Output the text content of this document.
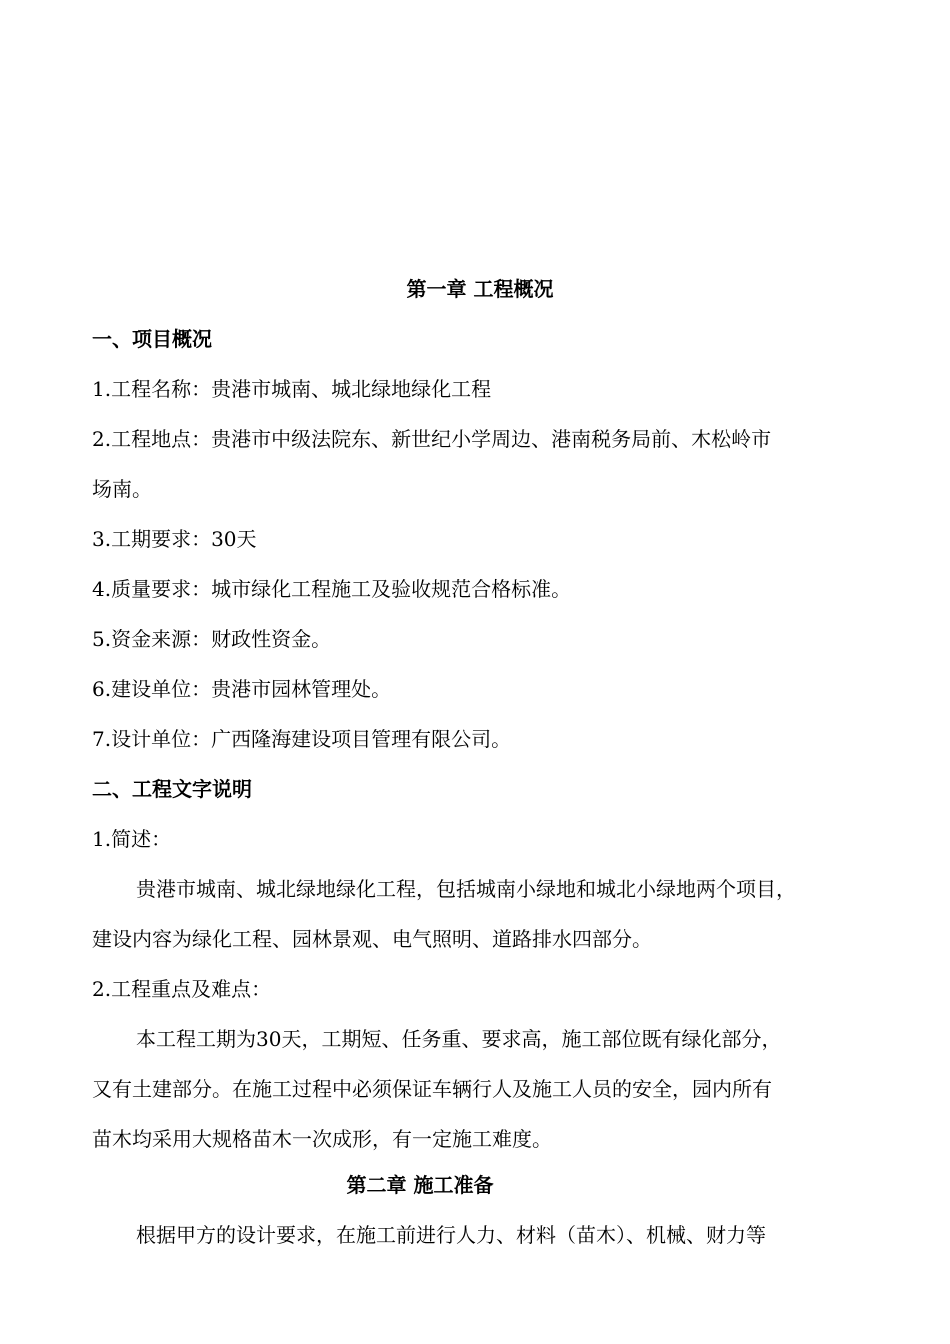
第一章 工程概况
一、项目概况
1.工程名称：贵港市城南、城北绿地绿化工程
2.工程地点：贵港市中级法院东、新世纪小学周边、港南税务局前、木松岭市
场南。
3.工期要求：30天
4.质量要求：城市绿化工程施工及验收规范合格标准。
5.资金来源：财政性资金。
6.建设单位：贵港市园林管理处。
7.设计单位：广西隆海建设项目管理有限公司。
二、工程文字说明
1.简述：
贵港市城南、城北绿地绿化工程，包括城南小绿地和城北小绿地两个项目，
建设内容为绿化工程、园林景观、电气照明、道路排水四部分。
2.工程重点及难点：
本工程工期为30天，工期短、任务重、要求高，施工部位既有绿化部分，
又有土建部分。在施工过程中必须保证车辆行人及施工人员的安全，园内所有
苗木均采用大规格苗木一次成形，有一定施工难度。
第二章 施工准备
根据甲方的设计要求，在施工前进行人力、材料（苗木）、机械、财力等
